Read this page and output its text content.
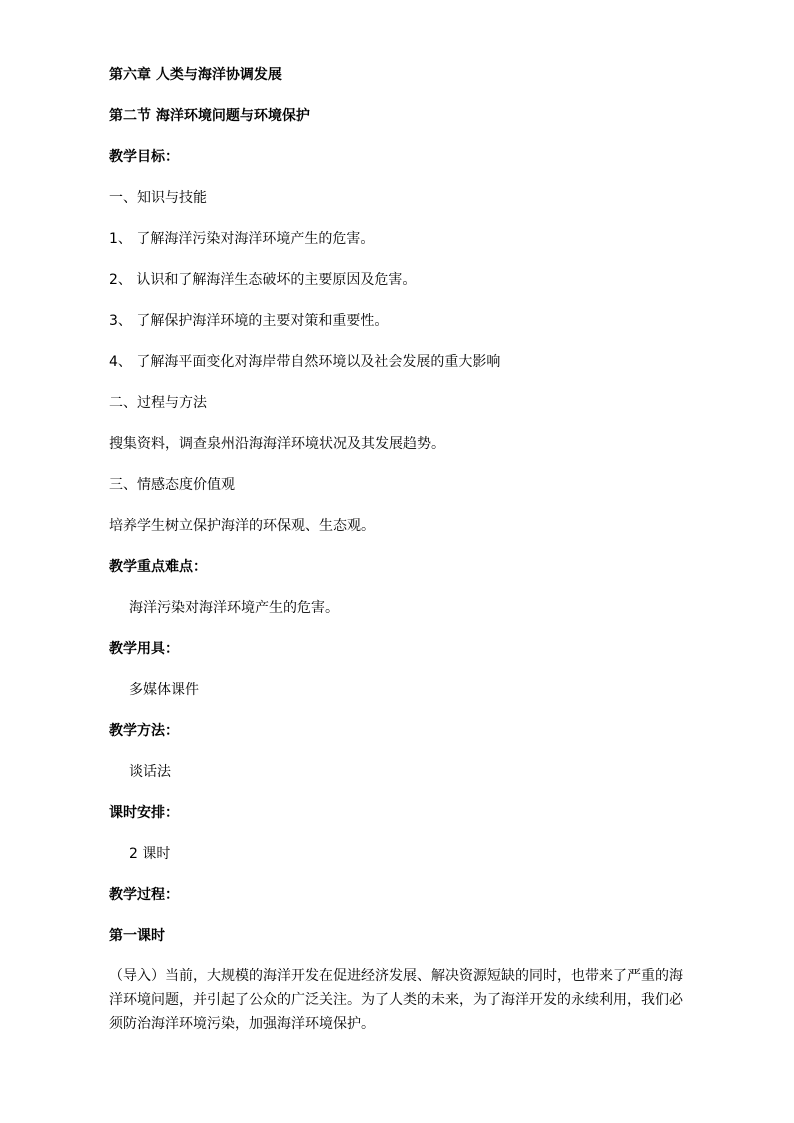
第六章 人类与海洋协调发展
第二节 海洋环境问题与环境保护
教学目标：
一、知识与技能
1、 了解海洋污染对海洋环境产生的危害。
2、 认识和了解海洋生态破坏的主要原因及危害。
3、 了解保护海洋环境的主要对策和重要性。
4、 了解海平面变化对海岸带自然环境以及社会发展的重大影响
二、过程与方法
搜集资料，调查泉州沿海海洋环境状况及其发展趋势。
三、情感态度价值观
培养学生树立保护海洋的环保观、生态观。
教学重点难点：
海洋污染对海洋环境产生的危害。
教学用具：
多媒体课件
教学方法：
谈话法
课时安排：
2 课时
教学过程：
第一课时
（导入）当前，大规模的海洋开发在促进经济发展、解决资源短缺的同时，也带来了严重的海洋环境问题，并引起了公众的广泛关注。为了人类的未来，为了海洋开发的永续利用，我们必须防治海洋环境污染，加强海洋环境保护。
